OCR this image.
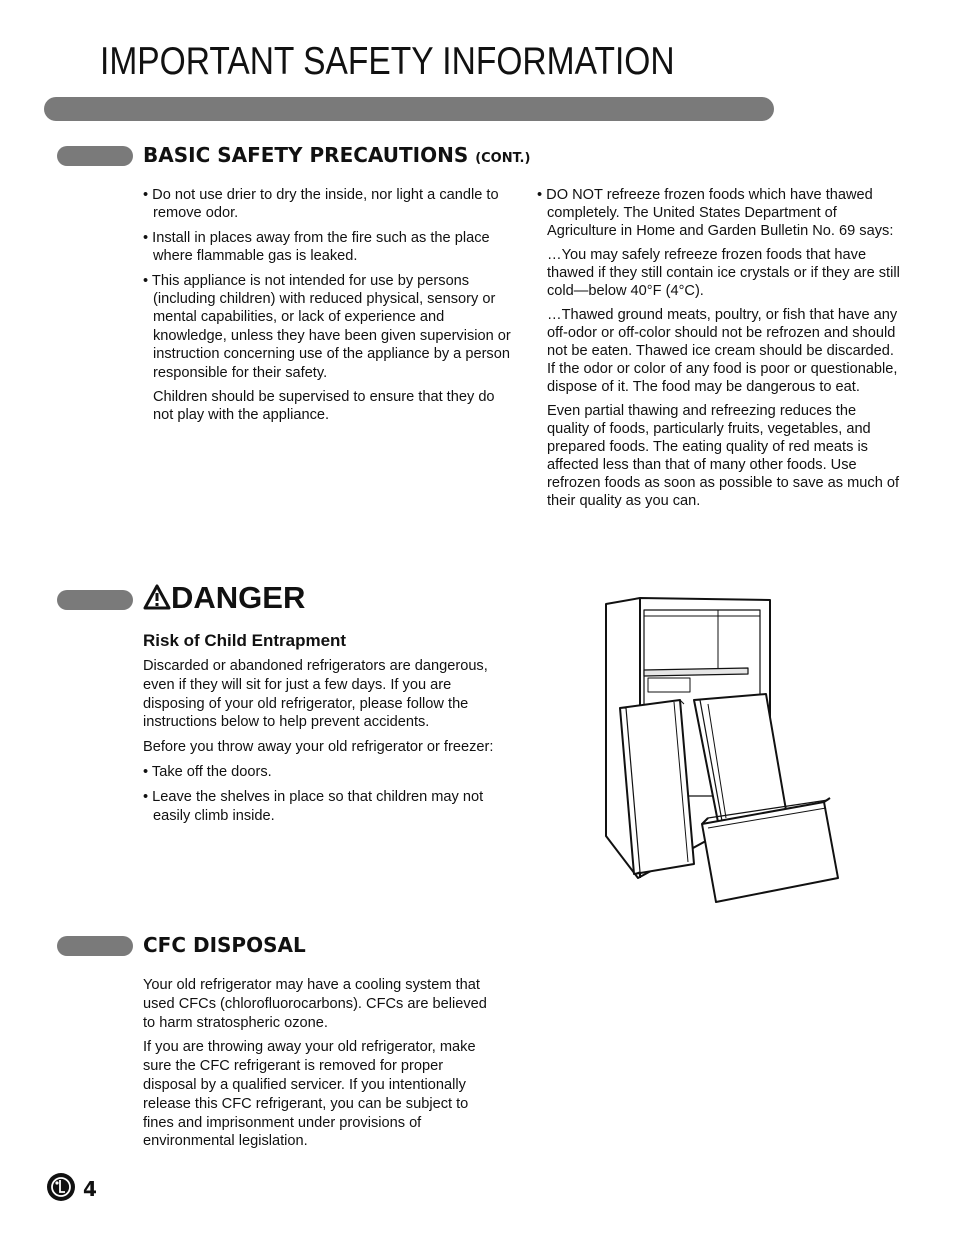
IMPORTANT SAFETY INFORMATION
BASIC SAFETY PRECAUTIONS (CONT.)

• Do not use drier to dry the inside, nor light a candle to remove odor.

• Install in places away from the fire such as the place where flammable gas is leaked.

• This appliance is not intended for use by persons (including children) with reduced physical, sensory or mental capabilities, or lack of experience and knowledge, unless they have been given supervision or instruction concerning use of the appliance by a person responsible for their safety.

Children should be supervised to ensure that they do not play with the appliance.

• DO NOT refreeze frozen foods which have thawed completely. The United States Department of Agriculture in Home and Garden Bulletin No. 69 says:

…You may safely refreeze frozen foods that have thawed if they still contain ice crystals or if they are still cold—below 40°F (4°C).

…Thawed ground meats, poultry, or fish that have any off-odor or off-color should not be refrozen and should not be eaten. Thawed ice cream should be discarded. If the odor or color of any food is poor or questionable, dispose of it. The food may be dangerous to eat.

Even partial thawing and refreezing reduces the quality of foods, particularly fruits, vegetables, and prepared foods. The eating quality of red meats is affected less than that of many other foods. Use refrozen foods as soon as possible to save as much of their quality as you can.

DANGER
Risk of Child Entrapment

Discarded or abandoned refrigerators are dangerous, even if they will sit for just a few days. If you are disposing of your old refrigerator, please follow the instructions below to help prevent accidents.

Before you throw away your old refrigerator or freezer:

• Take off the doors.

• Leave the shelves in place so that children may not easily climb inside.

CFC DISPOSAL

Your old refrigerator may have a cooling system that used CFCs (chlorofluorocarbons). CFCs are believed to harm stratospheric ozone.

If you are throwing away your old refrigerator, make sure the CFC refrigerant is removed for proper disposal by a qualified servicer. If you intentionally release this CFC refrigerant, you can be subject to fines and imprisonment under provisions of environmental legislation.

4
